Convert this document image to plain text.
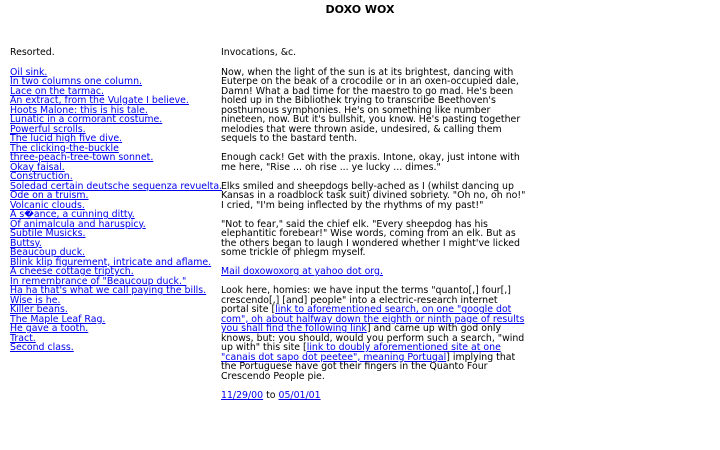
DOXO WOX
Resorted.
Oil sink.
In two columns one column.
Lace on the tarmac.
An extract, from the Vulgate I believe.
Hoots Malone: this is his tale.
Lunatic in a cormorant costume.
Powerful scrolls.
The lucid high five dive.
The clicking-the-buckle
three-peach-tree-town sonnet.
Okay faisal.
Construction.
Soledad certain deutsche sequenza revuelta.
Ode on a truism.
Volcanic clouds.
A s�ance, a cunning ditty.
Of animalcula and haruspicy.
Subtile Musicks.
Buttsy.
Beaucoup duck.
Blink klip figurement, intricate and aflame.
A cheese cottage triptych.
In remembrance of "Beaucoup duck."
Ha ha that's what we call paying the bills.
Wise is he.
Killer beans.
The Maple Leaf Rag.
He gave a tooth.
Tract.
Second class.
Invocations, &c.

Now, when the light of the sun is at its brightest, dancing with Euterpe on the beak of a crocodile or in an oxen-occupied dale, Damn! What a bad time for the maestro to go mad. He's been holed up in the Bibliothek trying to transcribe Beethoven's posthumous symphonies. He's on something like number nineteen, now. But it's bullshit, you know. He's pasting together melodies that were thrown aside, undesired, & calling them sequels to the bastard tenth.

Enough cack! Get with the praxis. Intone, okay, just intone with me here, "Rise ... oh rise ... ye lucky ... dimes."

Elks smiled and sheepdogs belly-ached as I (whilst dancing up Kansas in a roadblock task suit) divined sobriety. "Oh no, oh no!" I cried, "I'm being inflected by the rhythms of my past!"

"Not to fear," said the chief elk. "Every sheepdog has his elephantitic forebear!" Wise words, coming from an elk. But as the others began to laugh I wondered whether I might've licked some trickle of phlegm myself.

Mail doxowoxorg at yahoo dot org.

Look here, homies: we have input the terms "quanto[,] four[,] crescendo[,] [and] people" into a electric-research internet portal site [link to aforementioned search, on one "google dot com", oh about halfway down the eighth or ninth page of results you shall find the following link] and came up with god only knows, but: you should, would you perform such a search, "wind up with" this site [link to doubly aforementioned site at one "canais dot sapo dot peetee", meaning Portugal] implying that the Portuguese have got their fingers in the Quanto Four Crescendo People pie.

11/29/00 to 05/01/01
